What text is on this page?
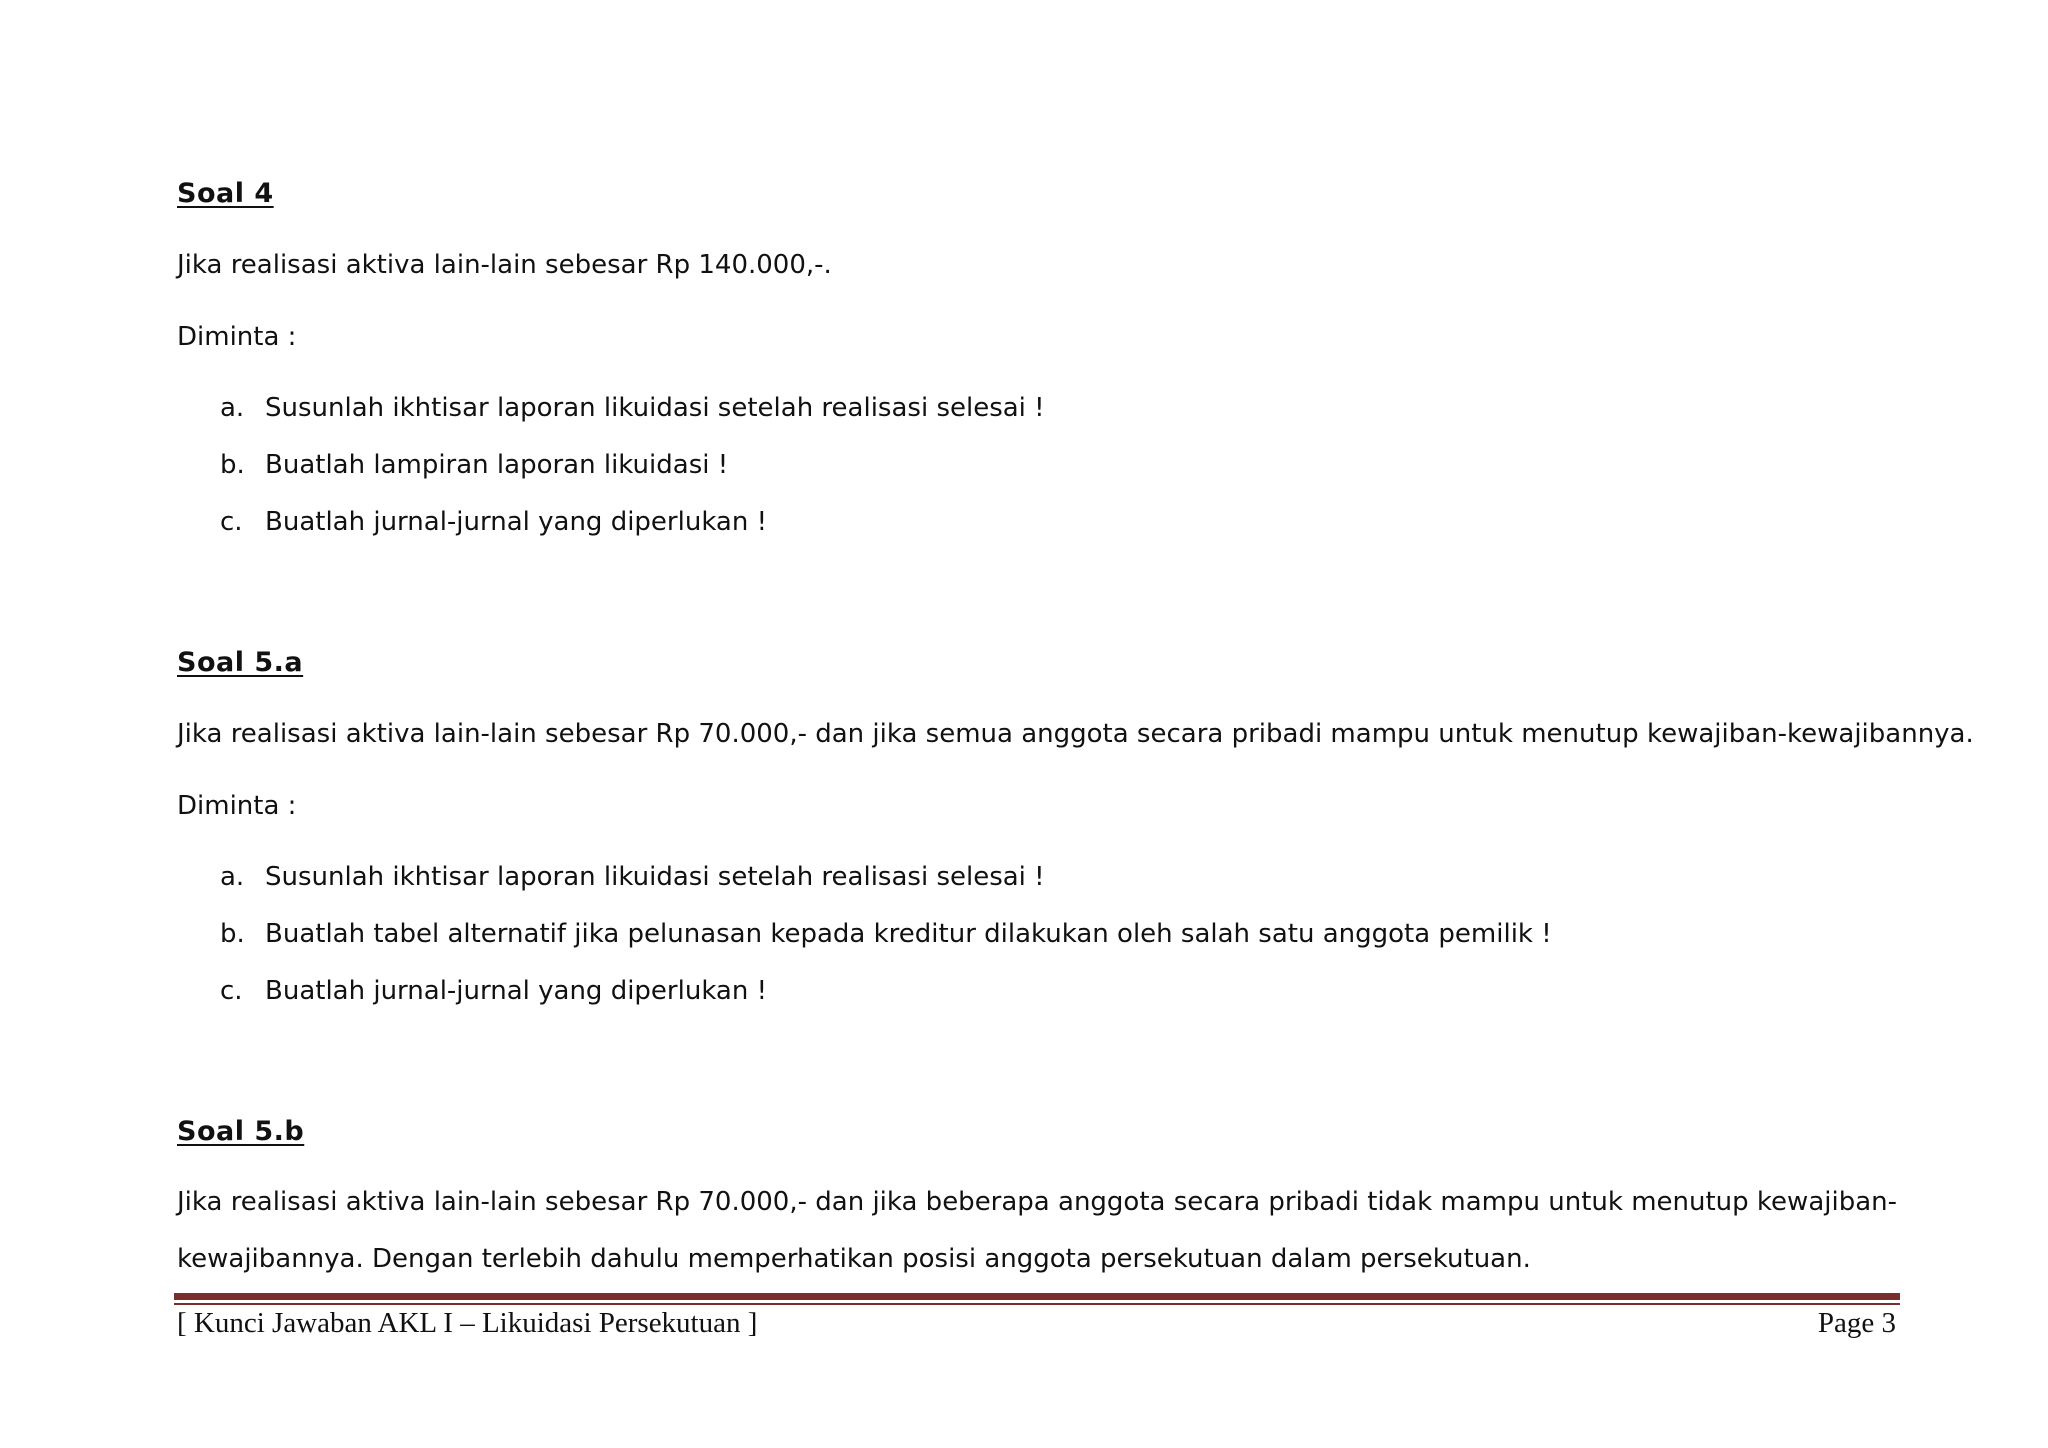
Soal 4
Jika realisasi aktiva lain-lain sebesar Rp 140.000,-.
Diminta :
a. Susunlah ikhtisar laporan likuidasi setelah realisasi selesai !
b. Buatlah lampiran laporan likuidasi !
c. Buatlah jurnal-jurnal yang diperlukan !
Soal 5.a
Jika realisasi aktiva lain-lain sebesar Rp 70.000,- dan jika semua anggota secara pribadi mampu untuk menutup kewajiban-kewajibannya.
Diminta :
a. Susunlah ikhtisar laporan likuidasi setelah realisasi selesai !
b. Buatlah tabel alternatif jika pelunasan kepada kreditur dilakukan oleh salah satu anggota pemilik !
c. Buatlah jurnal-jurnal yang diperlukan !
Soal 5.b
Jika realisasi aktiva lain-lain sebesar Rp 70.000,- dan jika beberapa anggota secara pribadi tidak mampu untuk menutup kewajiban-kewajibannya. Dengan terlebih dahulu memperhatikan posisi anggota persekutuan dalam persekutuan.
[ Kunci Jawaban AKL I – Likuidasi Persekutuan ]	Page 3
